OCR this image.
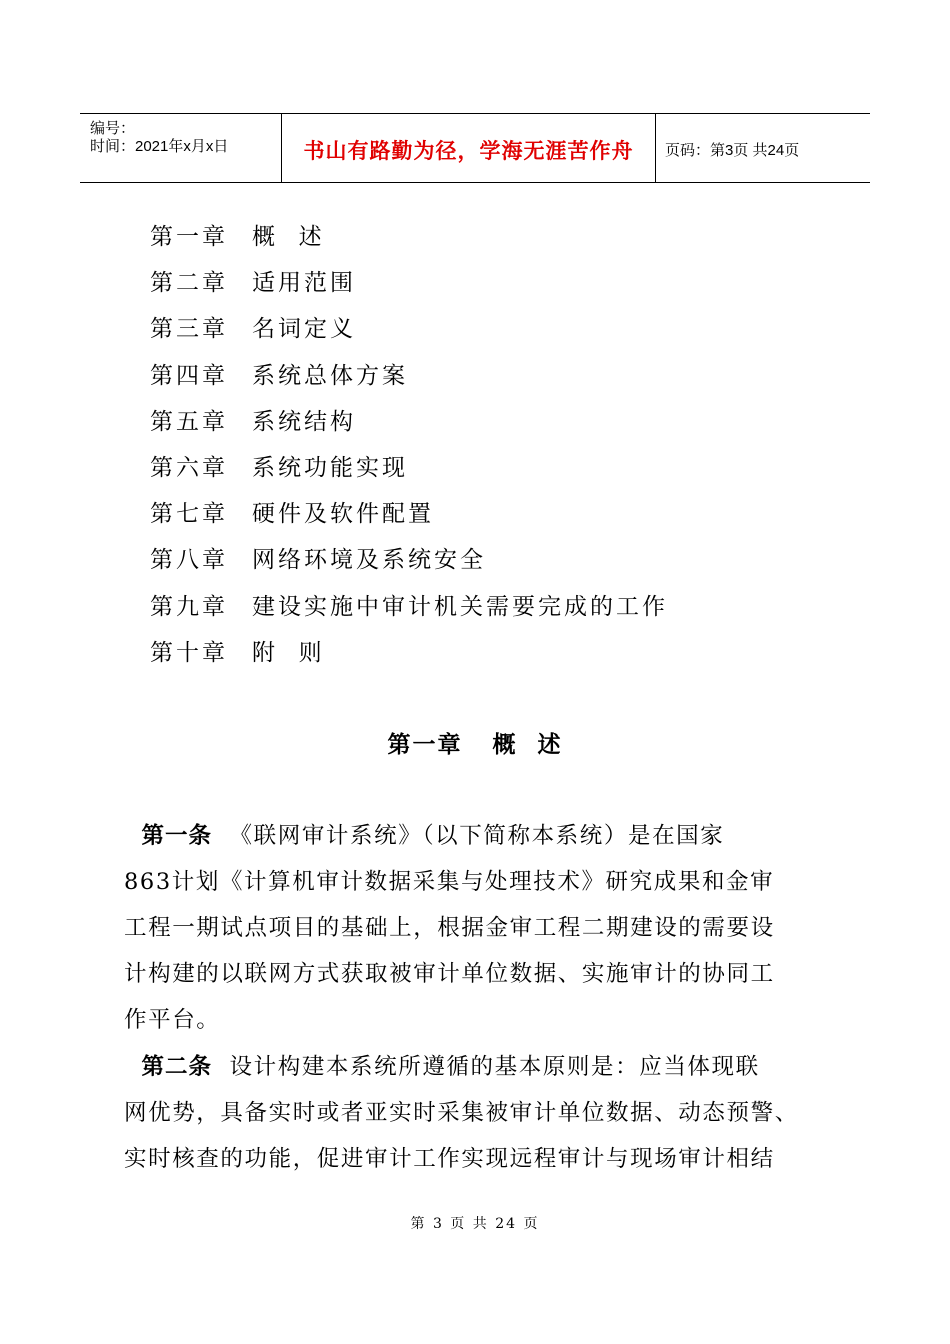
编号：
时间：2021年x月x日	书山有路勤为径，学海无涯苦作舟	页码：第3页 共24页
第一章 概  述
第二章 适用范围
第三章 名词定义
第四章 系统总体方案
第五章 系统结构
第六章 系统功能实现
第七章 硬件及软件配置
第八章 网络环境及系统安全
第九章 建设实施中审计机关需要完成的工作
第十章 附  则
第一章   概  述
第一条  《联网审计系统》（以下简称本系统）是在国家
863计划《计算机审计数据采集与处理技术》研究成果和金审
工程一期试点项目的基础上，根据金审工程二期建设的需要设
计构建的以联网方式获取被审计单位数据、实施审计的协同工
作平台。
第二条  设计构建本系统所遵循的基本原则是：应当体现联
网优势，具备实时或者亚实时采集被审计单位数据、动态预警、
实时核查的功能，促进审计工作实现远程审计与现场审计相结
第 3 页 共 24 页
